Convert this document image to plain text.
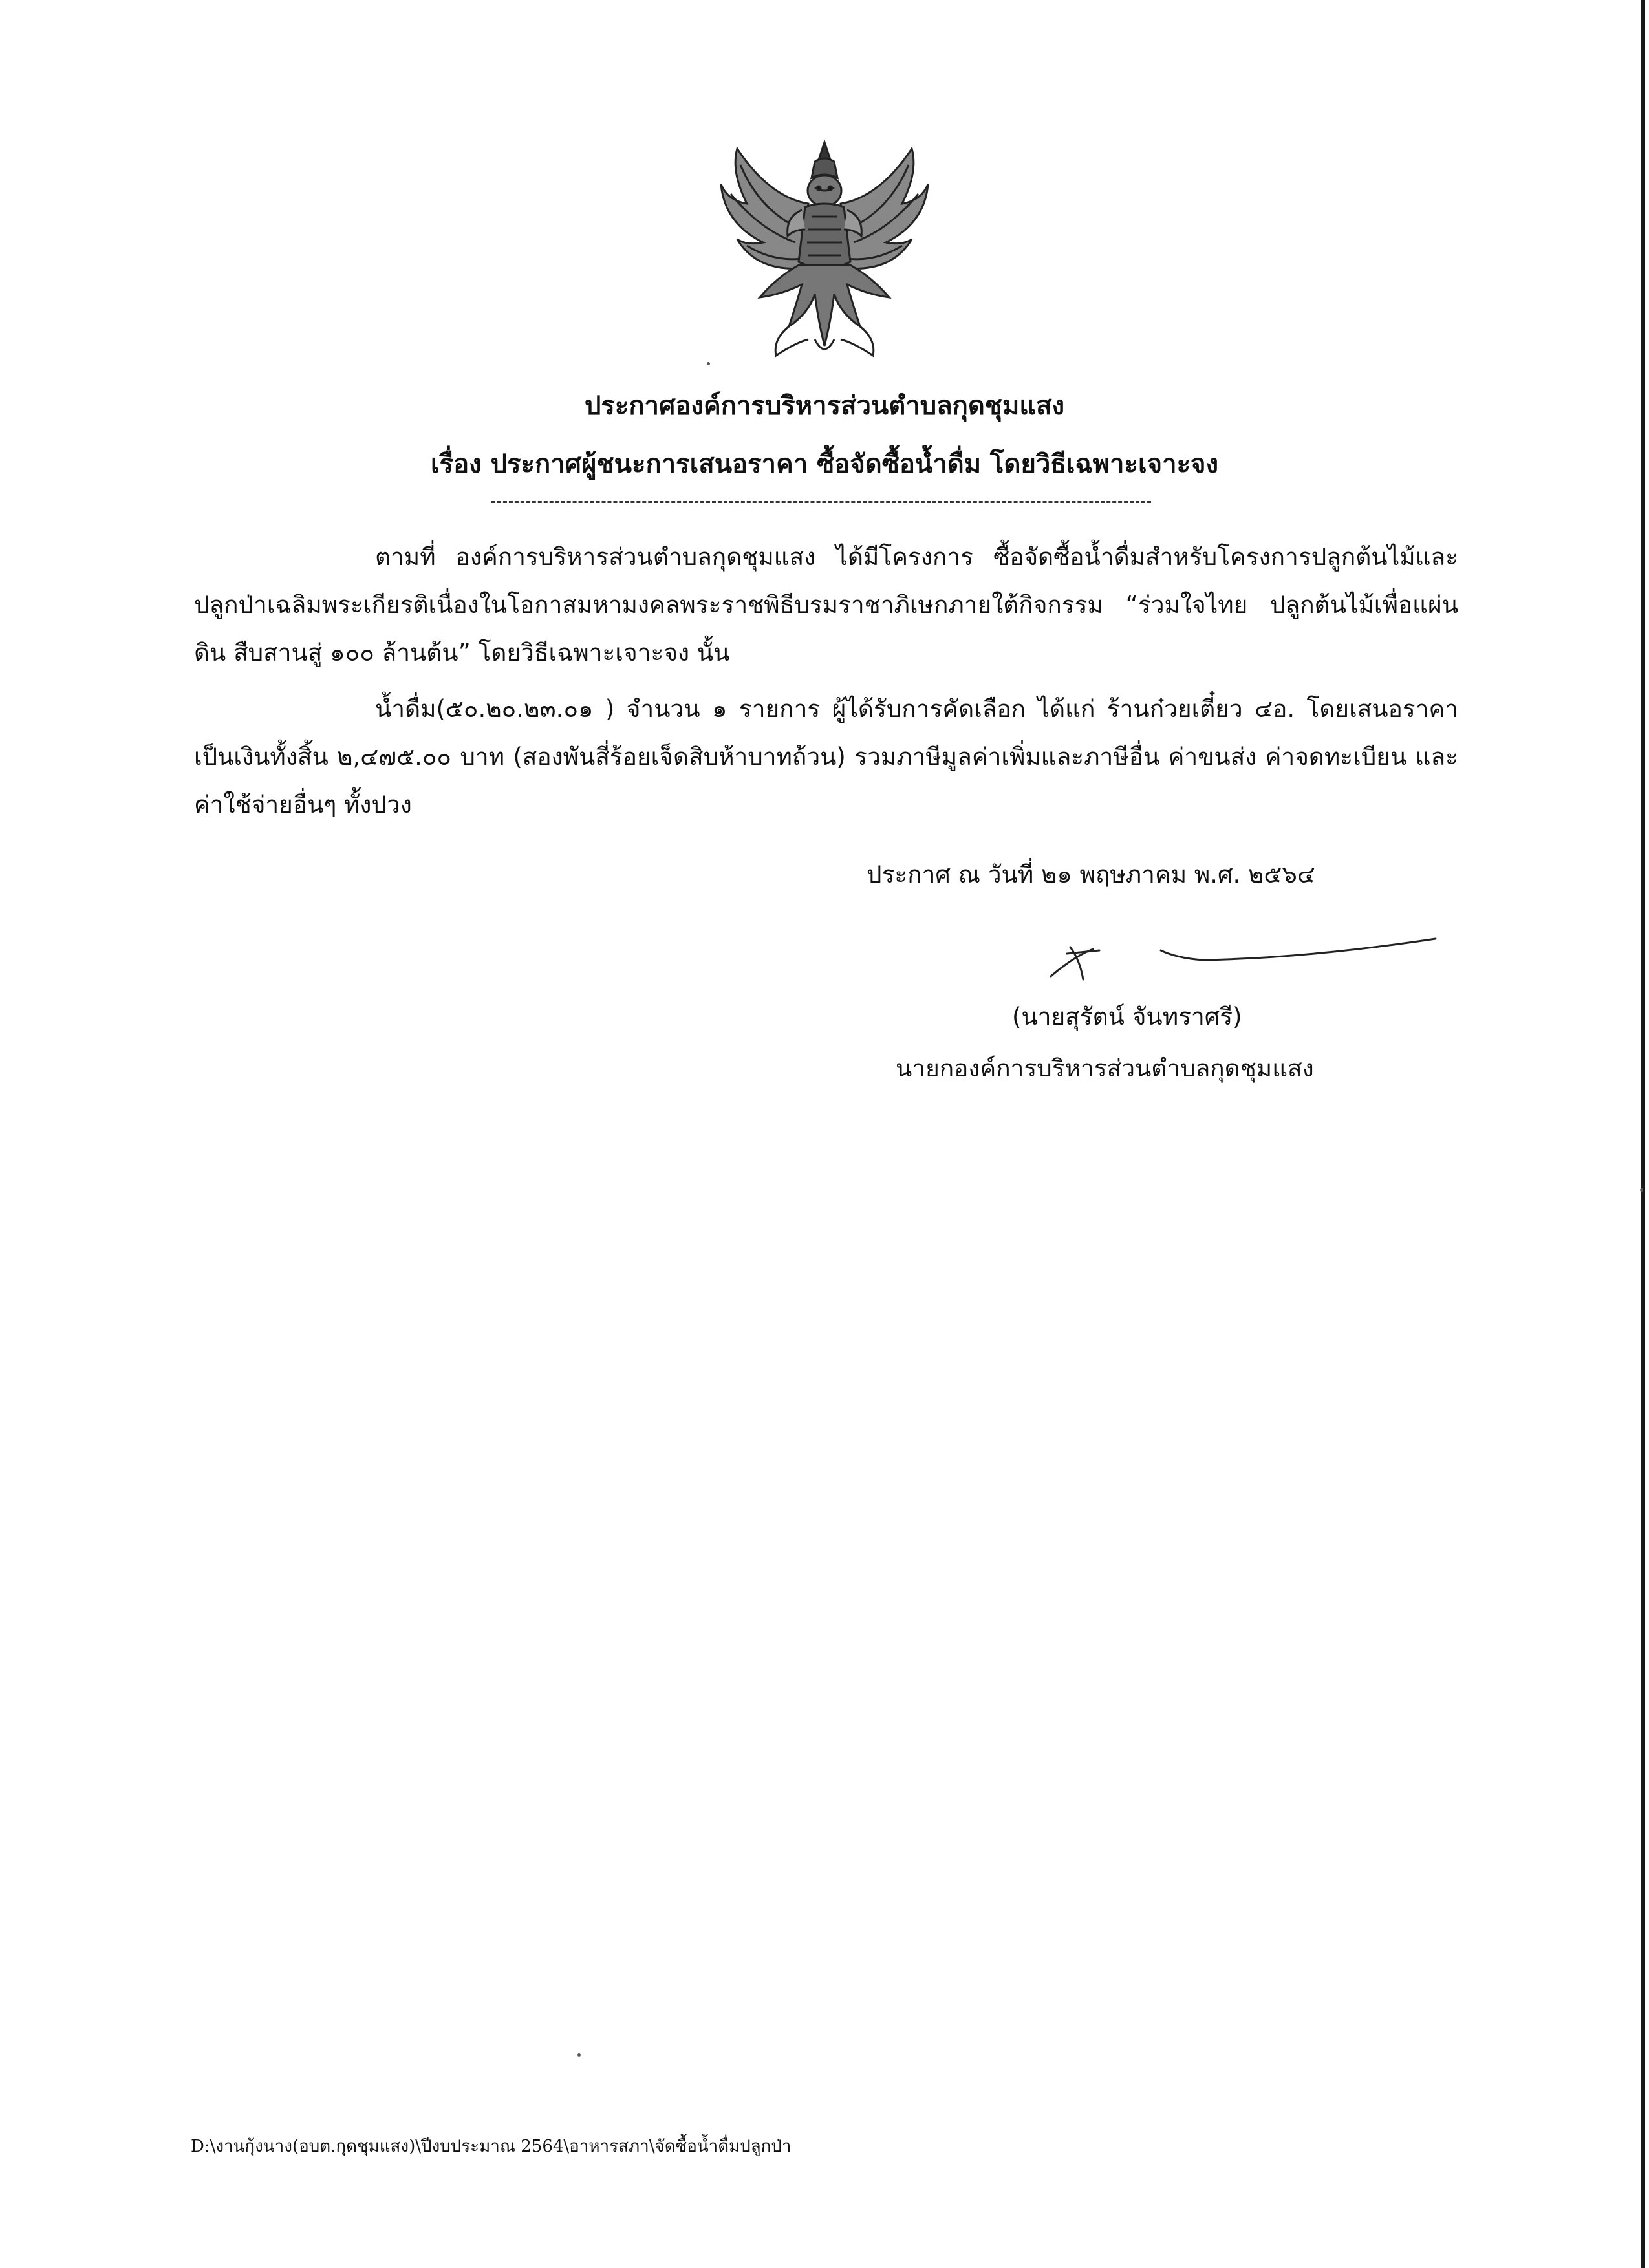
ประกาศองค์การบริหารส่วนตำบลกุดชุมแสง
เรื่อง ประกาศผู้ชนะการเสนอราคา ซื้อจัดซื้อน้ำดื่ม โดยวิธีเฉพาะเจาะจง
ตามที่ องค์การบริหารส่วนตำบลกุดชุมแสง ได้มีโครงการ ซื้อจัดซื้อน้ำดื่มสำหรับโครงการปลูกต้นไม้และปลูกป่าเฉลิมพระเกียรติเนื่องในโอกาสมหามงคลพระราชพิธีบรมราชาภิเษกภายใต้กิจกรรม “ร่วมใจไทย ปลูกต้นไม้เพื่อแผ่นดิน สืบสานสู่ ๑๐๐ ล้านต้น” โดยวิธีเฉพาะเจาะจง นั้น
น้ำดื่ม(๕๐.๒๐.๒๓.๐๑ ) จำนวน ๑ รายการ ผู้ได้รับการคัดเลือก ได้แก่ ร้านก๋วยเตี๋ยว ๔อ. โดยเสนอราคา เป็นเงินทั้งสิ้น ๒,๔๗๕.๐๐ บาท (สองพันสี่ร้อยเจ็ดสิบห้าบาทถ้วน) รวมภาษีมูลค่าเพิ่มและภาษีอื่น ค่าขนส่ง ค่าจดทะเบียน และค่าใช้จ่ายอื่นๆ ทั้งปวง
ประกาศ ณ วันที่ ๒๑ พฤษภาคม พ.ศ. ๒๕๖๔
(นายสุรัตน์ จันทราศรี)
นายกองค์การบริหารส่วนตำบลกุดชุมแสง
D:\งานกุ้งนาง(อบต.กุดชุมแสง)\ปีงบประมาณ 2564\อาหารสภา\จัดซื้อน้ำดื่มปลูกป่า
